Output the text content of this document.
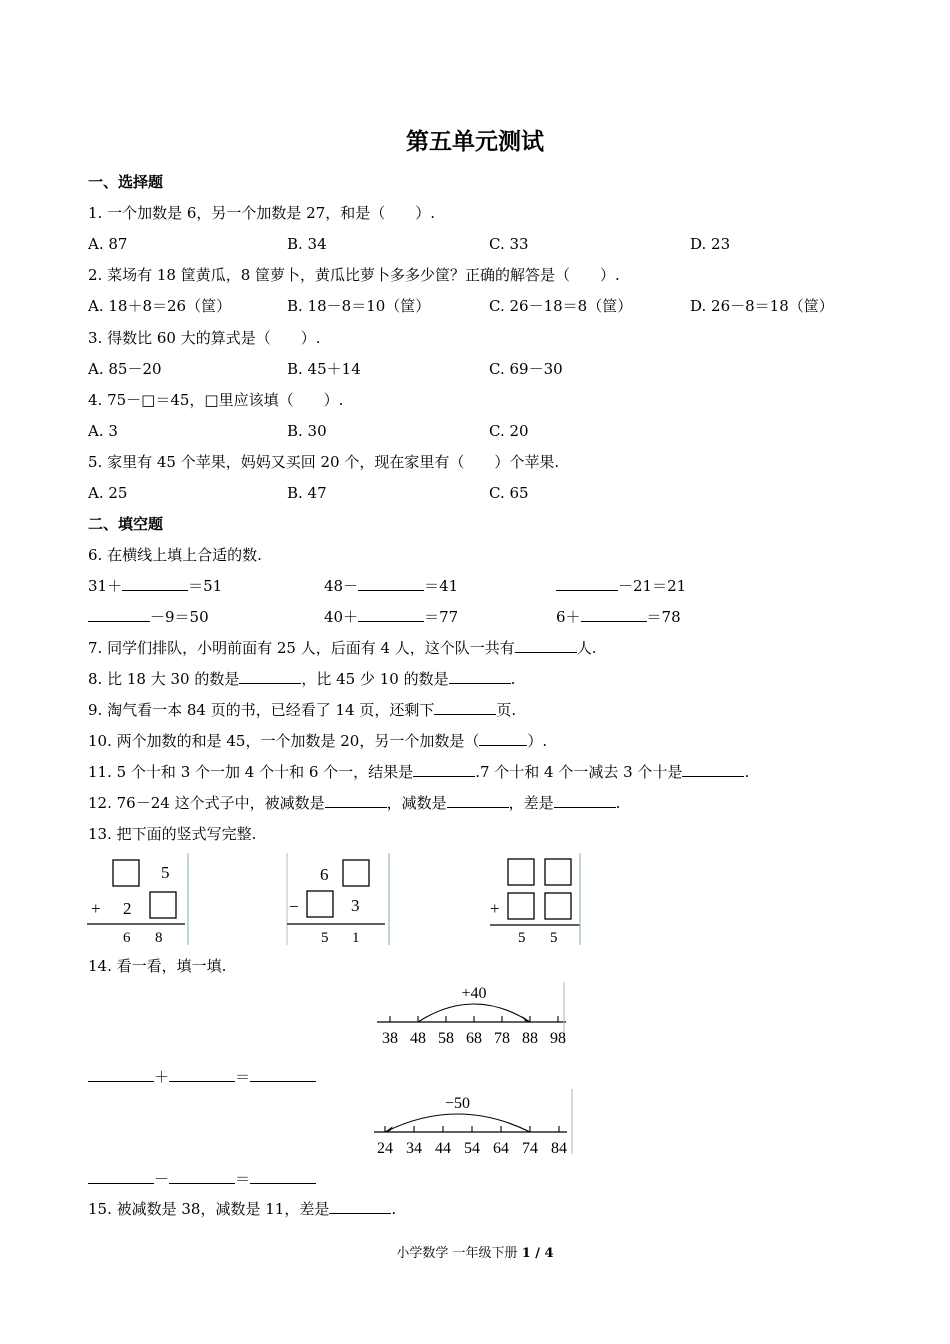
第五单元测试
一、选择题
1. 一个加数是 6，另一个加数是 27，和是（　　）.
A. 87	B. 34	C. 33	D. 23
2. 菜场有 18 筐黄瓜，8 筐萝卜，黄瓜比萝卜多多少筐？正确的解答是（　　）.
A. 18＋8＝26（筐）	B. 18－8＝10（筐）	C. 26－18＝8（筐）	D. 26－8＝18（筐）
3. 得数比 60 大的算式是（　　）.
A. 85－20	B. 45＋14	C. 69－30
4. 75－□＝45，□里应该填（　　）.
A. 3	B. 30	C. 20
5. 家里有 45 个苹果，妈妈又买回 20 个，现在家里有（　　）个苹果.
A. 25	B. 47	C. 65
二、填空题
6. 在横线上填上合适的数.
31＋	＝51	48－	＝41	－21＝21
－9＝50	40＋	＝77	6＋	＝78
7. 同学们排队，小明前面有 25 人，后面有 4 人，这个队一共有	人.
8. 比 18 大 30 的数是	，比 45 少 10 的数是	.
9. 淘气看一本 84 页的书，已经看了 14 页，还剩下	页.
10. 两个加数的和是 45，一个加数是 20，另一个加数是（	）.
11. 5 个十和 3 个一加 4 个十和 6 个一，结果是	.7 个十和 4 个一减去 3 个十是	.
12. 76－24 这个式子中，被减数是	，减数是	，差是	.
13. 把下面的竖式写完整.
5
+ 2
6 8
6
−	3
5 1
+
5 5
14. 看一看，填一填.
38 48 58 68 78 88 98
+40
＋	＝
24 34 44 54 64 74 84
−50
－	＝
15. 被减数是 38，减数是 11，差是	.
小学数学 一年级下册 1 / 4
